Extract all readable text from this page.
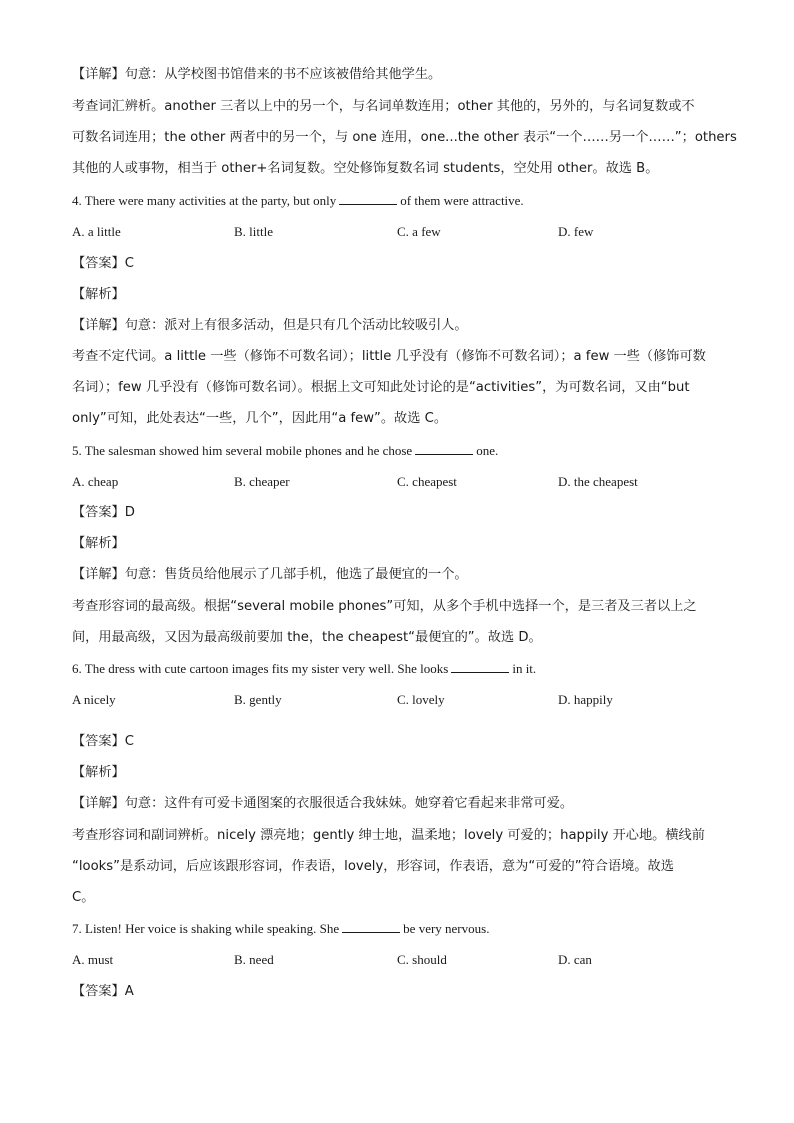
【详解】句意：从学校图书馆借来的书不应该被借给其他学生。
考查词汇辨析。another 三者以上中的另一个，与名词单数连用；other 其他的，另外的，与名词复数或不
可数名词连用；the other 两者中的另一个，与 one 连用，one...the other 表示“一个……另一个……”；others
其他的人或事物，相当于 other+名词复数。空处修饰复数名词 students，空处用 other。故选 B。
4. There were many activities at the party, but only	of them were attractive.
A. a little	B. little	C. a few	D. few
【答案】C
【解析】
【详解】句意：派对上有很多活动，但是只有几个活动比较吸引人。
考查不定代词。a little 一些（修饰不可数名词）；little 几乎没有（修饰不可数名词）；a few 一些（修饰可数
名词）；few 几乎没有（修饰可数名词）。根据上文可知此处讨论的是“activities”，为可数名词，又由“but
only”可知，此处表达“一些，几个”，因此用“a few”。故选 C。
5. The salesman showed him several mobile phones and he chose	one.
A. cheap	B. cheaper	C. cheapest	D. the cheapest
【答案】D
【解析】
【详解】句意：售货员给他展示了几部手机，他选了最便宜的一个。
考查形容词的最高级。根据“several mobile phones”可知，从多个手机中选择一个，是三者及三者以上之
间，用最高级，又因为最高级前要加 the，the cheapest“最便宜的”。故选 D。
6. The dress with cute cartoon images fits my sister very well. She looks	in it.
A nicely	B. gently	C. lovely	D. happily
【答案】C
【解析】
【详解】句意：这件有可爱卡通图案的衣服很适合我妹妹。她穿着它看起来非常可爱。
考查形容词和副词辨析。nicely 漂亮地；gently 绅士地，温柔地；lovely 可爱的；happily 开心地。横线前
“looks”是系动词，后应该跟形容词，作表语，lovely，形容词，作表语，意为“可爱的”符合语境。故选
C。
7. Listen! Her voice is shaking while speaking. She	be very nervous.
A. must	B. need	C. should	D. can
【答案】A
